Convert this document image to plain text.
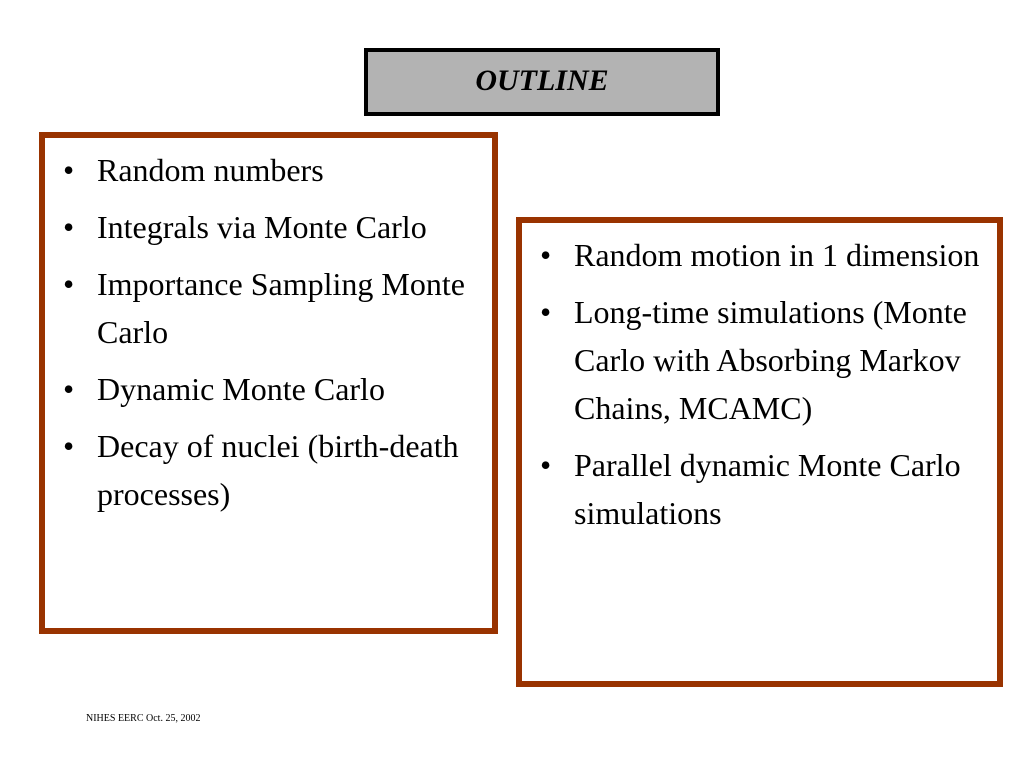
OUTLINE
• Random numbers
• Integrals via Monte Carlo
• Importance Sampling Monte Carlo
• Dynamic Monte Carlo
• Decay of nuclei (birth-death processes)
• Random motion in 1 dimension
• Long-time simulations (Monte Carlo with Absorbing Markov Chains, MCAMC)
• Parallel dynamic Monte Carlo simulations
NIHES EERC Oct. 25, 2002
